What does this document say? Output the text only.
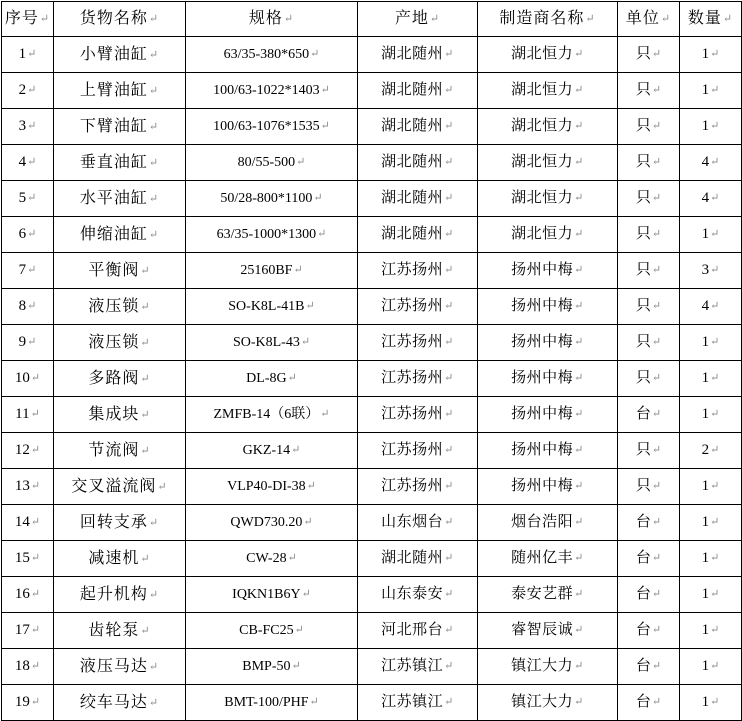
序号↵	货物名称↵	规格↵	产地↵	制造商名称↵	单位↵	数量↵
1↵	小臂油缸↵	63/35-380*650↵	湖北随州↵	湖北恒力↵	只↵	1↵
2↵	上臂油缸↵	100/63-1022*1403↵	湖北随州↵	湖北恒力↵	只↵	1↵
3↵	下臂油缸↵	100/63-1076*1535↵	湖北随州↵	湖北恒力↵	只↵	1↵
4↵	垂直油缸↵	80/55-500↵	湖北随州↵	湖北恒力↵	只↵	4↵
5↵	水平油缸↵	50/28-800*1100↵	湖北随州↵	湖北恒力↵	只↵	4↵
6↵	伸缩油缸↵	63/35-1000*1300↵	湖北随州↵	湖北恒力↵	只↵	1↵
7↵	平衡阀↵	25160BF↵	江苏扬州↵	扬州中梅↵	只↵	3↵
8↵	液压锁↵	SO-K8L-41B↵	江苏扬州↵	扬州中梅↵	只↵	4↵
9↵	液压锁↵	SO-K8L-43↵	江苏扬州↵	扬州中梅↵	只↵	1↵
10↵	多路阀↵	DL-8G↵	江苏扬州↵	扬州中梅↵	只↵	1↵
11↵	集成块↵	ZMFB-14（6联）↵	江苏扬州↵	扬州中梅↵	台↵	1↵
12↵	节流阀↵	GKZ-14↵	江苏扬州↵	扬州中梅↵	只↵	2↵
13↵	交叉溢流阀↵	VLP40-DI-38↵	江苏扬州↵	扬州中梅↵	只↵	1↵
14↵	回转支承↵	QWD730.20↵	山东烟台↵	烟台浩阳↵	台↵	1↵
15↵	减速机↵	CW-28↵	湖北随州↵	随州亿丰↵	台↵	1↵
16↵	起升机构↵	IQKN1B6Y↵	山东泰安↵	泰安艺群↵	台↵	1↵
17↵	齿轮泵↵	CB-FC25↵	河北邢台↵	睿智辰诚↵	台↵	1↵
18↵	液压马达↵	BMP-50↵	江苏镇江↵	镇江大力↵	台↵	1↵
19↵	绞车马达↵	BMT-100/PHF↵	江苏镇江↵	镇江大力↵	台↵	1↵
